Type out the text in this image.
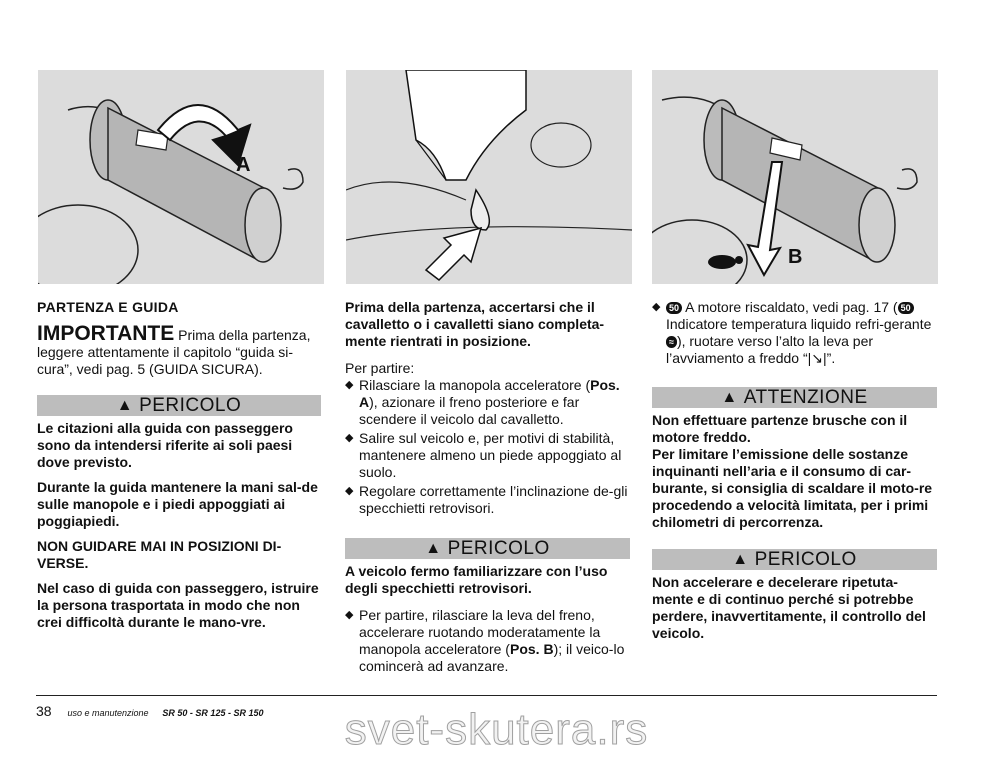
A
B
PARTENZA E GUIDA
IMPORTANTE Prima della partenza, leggere attentamente il capitolo “guida si-cura”, vedi pag. 5 (GUIDA SICURA).
▲ PERICOLO
Le citazioni alla guida con passeggero sono da intendersi riferite ai soli paesi dove previsto.
Durante la guida mantenere la mani sal-de sulle manopole e i piedi appoggiati ai poggiapiedi.
NON GUIDARE MAI IN POSIZIONI DI-VERSE.
Nel caso di guida con passeggero, istruire la persona trasportata in modo che non crei difficoltà durante le mano-vre.
Prima della partenza, accertarsi che il cavalletto o i cavalletti siano completa-mente rientrati in posizione.
Per partire:
◆ Rilasciare la manopola acceleratore (Pos. A), azionare il freno posteriore e far scendere il veicolo dal cavalletto.
◆ Salire sul veicolo e, per motivi di stabilità, mantenere almeno un piede appoggiato al suolo.
◆ Regolare correttamente l’inclinazione de-gli specchietti retrovisori.
▲ PERICOLO
A veicolo fermo familiarizzare con l’uso degli specchietti retrovisori.
◆ Per partire, rilasciare la leva del freno, accelerare ruotando moderatamente la manopola acceleratore (Pos. B); il veico-lo comincerà ad avanzare.
◆ 50 A motore riscaldato, vedi pag. 17 ( 50 Indicatore temperatura liquido refri-gerante ≈ ), ruotare verso l’alto la leva per l’avviamento a freddo “|↘|”.
▲ ATTENZIONE
Non effettuare partenze brusche con il motore freddo.
Per limitare l’emissione delle sostanze inquinanti nell’aria e il consumo di car-burante, si consiglia di scaldare il moto-re procedendo a velocità limitata, per i primi chilometri di percorrenza.
▲ PERICOLO
Non accelerare e decelerare ripetuta-mente e di continuo perché si potrebbe perdere, inavvertitamente, il controllo del veicolo.
38 uso e manutenzione SR 50 - SR 125 - SR 150	svet-skutera.rs
